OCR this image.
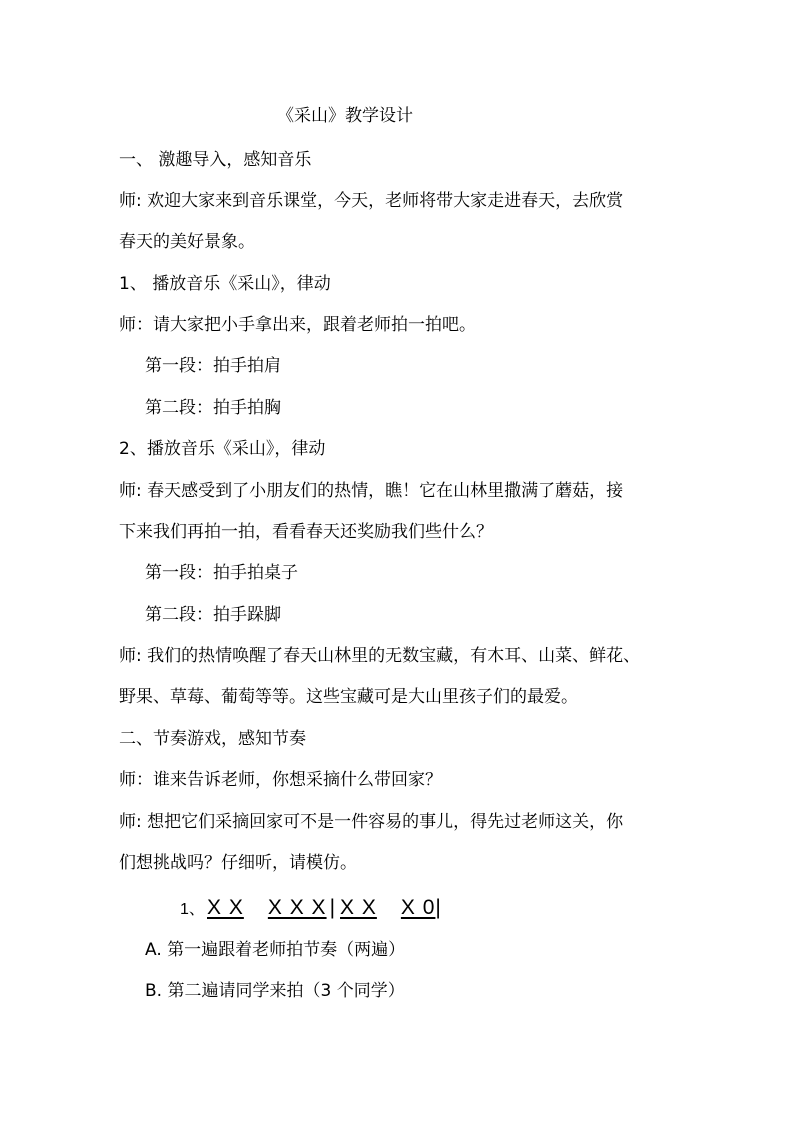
《采山》教学设计
一、 激趣导入，感知音乐
师: 欢迎大家来到音乐课堂，今天，老师将带大家走进春天，去欣赏
春天的美好景象。
1、 播放音乐《采山》，律动
师：请大家把小手拿出来，跟着老师拍一拍吧。
第一段：拍手拍肩
第二段：拍手拍胸
2、播放音乐《采山》，律动
师: 春天感受到了小朋友们的热情，瞧！它在山林里撒满了蘑菇，接
下来我们再拍一拍，看看春天还奖励我们些什么？
第一段：拍手拍桌子
第二段：拍手跺脚
师: 我们的热情唤醒了春天山林里的无数宝藏，有木耳、山菜、鲜花、
野果、草莓、葡萄等等。这些宝藏可是大山里孩子们的最爱。
二、节奏游戏，感知节奏
师：谁来告诉老师，你想采摘什么带回家？
师: 想把它们采摘回家可不是一件容易的事儿，得先过老师这关，你
们想挑战吗？仔细听，请模仿。
1、X X X X X | X X X 0|
A. 第一遍跟着老师拍节奏（两遍）
B. 第二遍请同学来拍（3 个同学）
